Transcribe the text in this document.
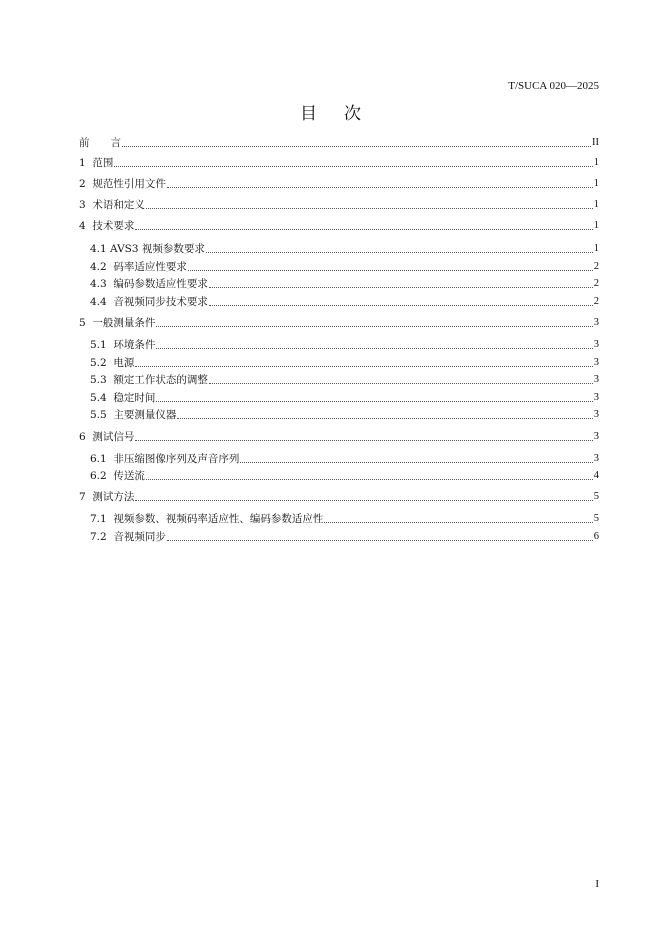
T/SUCA 020—2025
目 次
前　　言	II
1  范围	1
2  规范性引用文件	1
3  术语和定义	1
4  技术要求	1
4.1 AVS3 视频参数要求	1
4.2  码率适应性要求	2
4.3  编码参数适应性要求	2
4.4  音视频同步技术要求	2
5  一般测量条件	3
5.1  环境条件	3
5.2  电源	3
5.3  额定工作状态的调整	3
5.4  稳定时间	3
5.5  主要测量仪器	3
6  测试信号	3
6.1  非压缩图像序列及声音序列	3
6.2  传送流	4
7  测试方法	5
7.1  视频参数、视频码率适应性、编码参数适应性	5
7.2  音视频同步	6
I
